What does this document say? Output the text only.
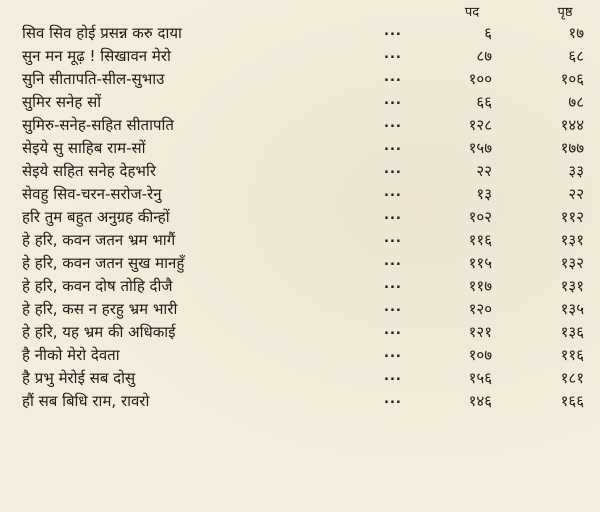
पद	पृष्ठ
सिव सिव होई प्रसन्न करु दाया	...	६	१७
सुन मन मूढ़ ! सिखावन मेरो	...	८७	६८
सुनि सीतापति-सील-सुभाउ	...	१००	१०६
सुमिर सनेह सों	...	६६	७८
सुमिरु-सनेह-सहित सीतापति	...	१२८	१४४
सेइये सु साहिब राम-सों	...	१५७	१७७
सेइये सहित सनेह देहभरि	...	२२	३३
सेवहु सिव-चरन-सरोज-रेनु	...	१३	२२
हरि तुम बहुत अनुग्रह कीन्हों	...	१०२	११२
हे हरि, कवन जतन भ्रम भागैं	...	११६	१३१
हे हरि, कवन जतन सुख मानहुँ	...	११५	१३२
हे हरि, कवन दोष तोहि दीजै	...	११७	१३१
हे हरि, कस न हरहु भ्रम भारी	...	१२०	१३५
हे हरि, यह भ्रम की अधिकाई	...	१२१	१३६
है नीको मेरो देवता	...	१०७	११६
है प्रभु मेरोई सब दोसु	...	१५६	१८१
हौं सब बिधि राम, रावरो	...	१४६	१६६
